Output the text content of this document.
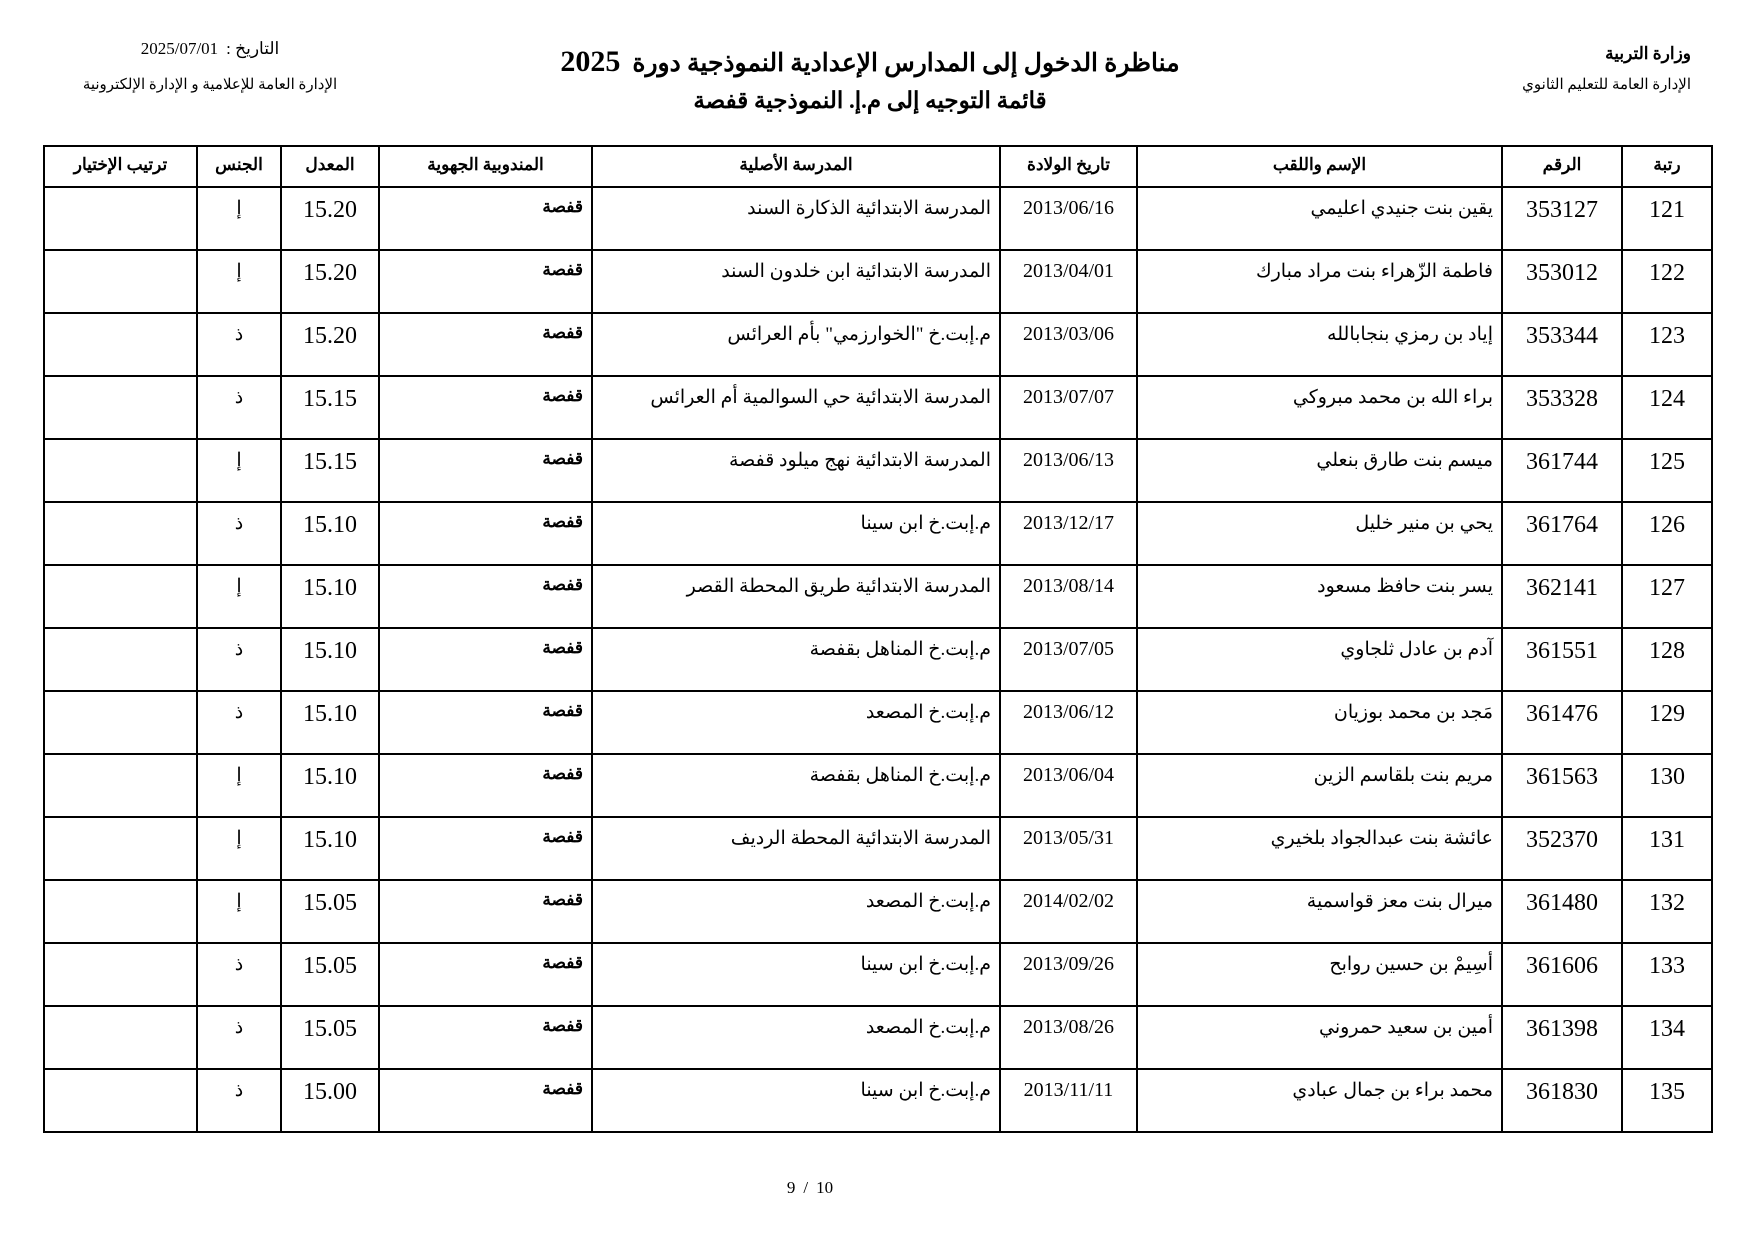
وزارة التربية
الإدارة العامة للتعليم الثانوي
مناظرة الدخول إلى المدارس الإعدادية النموذجية دورة2025
قائمة التوجيه إلى م.إ. النموذجية قفصة
التاريخ :2025/07/01
الإدارة العامة للإعلامية و الإدارة الإلكترونية
رتبة	الرقم	الإسم واللقب	تاريخ الولادة	المدرسة الأصلية	المندوبية الجهوية	المعدل	الجنس	ترتيب الإختيار
121	353127	يقين بنت جنيدي اعليمي	2013/06/16	المدرسة الابتدائية الذكارة السند	قفصة	15.20	إ	
122	353012	فاطمة الزّهراء بنت مراد مبارك	2013/04/01	المدرسة الابتدائية ابن خلدون السند	قفصة	15.20	إ	
123	353344	إياد بن رمزي بنجابالله	2013/03/06	م.إبت.خ "الخوارزمي" بأم العرائس	قفصة	15.20	ذ	
124	353328	براء الله بن محمد مبروكي	2013/07/07	المدرسة الابتدائية حي السوالمية أم العرائس	قفصة	15.15	ذ	
125	361744	ميسم بنت طارق بنعلي	2013/06/13	المدرسة الابتدائية نهج ميلود قفصة	قفصة	15.15	إ	
126	361764	يحي بن منير خليل	2013/12/17	م.إبت.خ ابن سينا	قفصة	15.10	ذ	
127	362141	يسر بنت حافظ مسعود	2013/08/14	المدرسة الابتدائية طريق المحطة القصر	قفصة	15.10	إ	
128	361551	آدم بن عادل ثلجاوي	2013/07/05	م.إبت.خ المناهل بقفصة	قفصة	15.10	ذ	
129	361476	مَجد بن محمد بوزيان	2013/06/12	م.إبت.خ المصعد	قفصة	15.10	ذ	
130	361563	مريم بنت بلقاسم الزين	2013/06/04	م.إبت.خ المناهل بقفصة	قفصة	15.10	إ	
131	352370	عائشة بنت عبدالجواد بلخيري	2013/05/31	المدرسة الابتدائية المحطة الرديف	قفصة	15.10	إ	
132	361480	ميرال بنت معز قواسمية	2014/02/02	م.إبت.خ المصعد	قفصة	15.05	إ	
133	361606	أسِيمْ بن حسين روابح	2013/09/26	م.إبت.خ ابن سينا	قفصة	15.05	ذ	
134	361398	أمين بن سعيد حمروني	2013/08/26	م.إبت.خ المصعد	قفصة	15.05	ذ	
135	361830	محمد براء بن جمال عبادي	2013/11/11	م.إبت.خ ابن سينا	قفصة	15.00	ذ	
9 / 10
